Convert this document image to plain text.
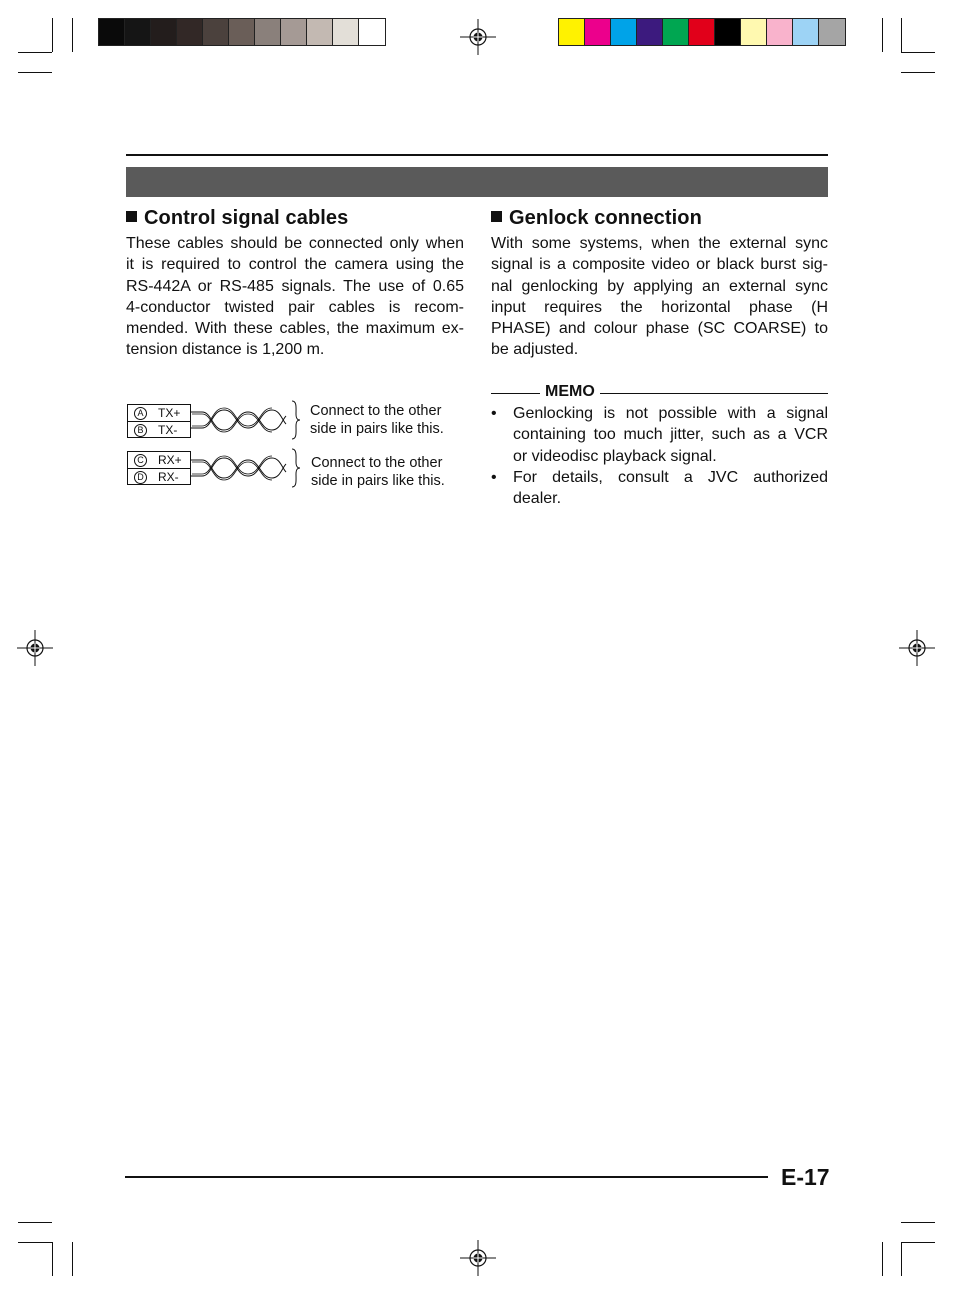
Control signal cables
These cables should be connected only when
it is required to control the camera using the
RS-442A or RS-485 signals. The use of 0.65
4-conductor twisted pair cables is recom-
mended. With these cables, the maximum ex-
tension distance is 1,200 m.
A TX+
B TX-
Connect to the other
side in pairs like this.
C RX+
D RX-
Connect to the other
side in pairs like this.
Genlock connection
With some systems, when the external sync
signal is a composite video or black burst sig-
nal genlocking by applying an external sync
input requires the horizontal phase (H
PHASE) and colour phase (SC COARSE) to
be adjusted.
MEMO
• Genlocking is not possible with a signal
containing too much jitter, such as a VCR
or videodisc playback signal.
• For details, consult a JVC authorized
dealer.
E-17
